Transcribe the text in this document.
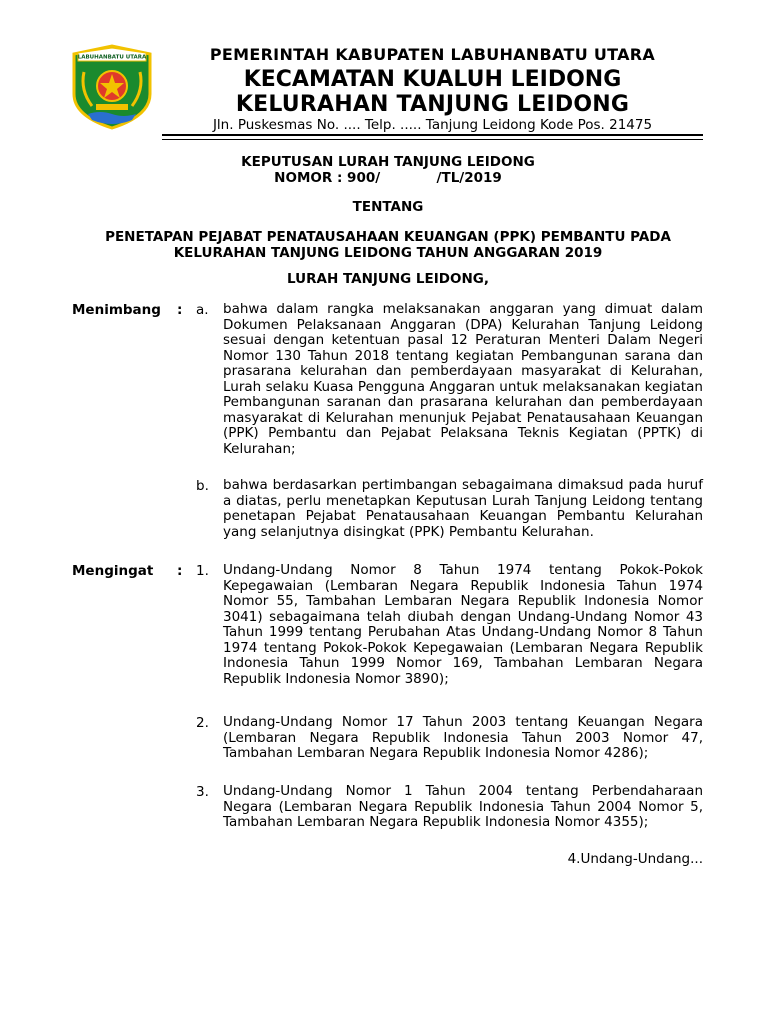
LABUHANBATU UTARA	PEMERINTAH KABUPATEN LABUHANBATU UTARA
KECAMATAN KUALUH LEIDONG
KELURAHAN TANJUNG LEIDONG
Jln. Puskesmas No. .... Telp. ..... Tanjung Leidong Kode Pos. 21475
KEPUTUSAN LURAH TANJUNG LEIDONG
NOMOR : 900/            /TL/2019
TENTANG
PENETAPAN PEJABAT PENATAUSAHAAN KEUANGAN (PPK) PEMBANTU PADA KELURAHAN TANJUNG LEIDONG TAHUN ANGGARAN 2019
LURAH TANJUNG LEIDONG,
Menimbang : a. bahwa dalam rangka melaksanakan anggaran yang dimuat dalam Dokumen Pelaksanaan Anggaran (DPA) Kelurahan Tanjung Leidong sesuai dengan ketentuan pasal 12 Peraturan Menteri Dalam Negeri Nomor 130 Tahun 2018 tentang kegiatan Pembangunan sarana dan prasarana kelurahan dan pemberdayaan masyarakat di Kelurahan, Lurah selaku Kuasa Pengguna Anggaran untuk melaksanakan kegiatan Pembangunan saranan dan prasarana kelurahan dan pemberdayaan masyarakat di Kelurahan menunjuk Pejabat Penatausahaan Keuangan (PPK) Pembantu dan Pejabat Pelaksana Teknis Kegiatan (PPTK) di Kelurahan;
b. bahwa berdasarkan pertimbangan sebagaimana dimaksud pada huruf a diatas, perlu menetapkan Keputusan Lurah Tanjung Leidong tentang penetapan Pejabat Penatausahaan Keuangan Pembantu Kelurahan yang selanjutnya disingkat (PPK) Pembantu Kelurahan.
Mengingat : 1. Undang-Undang Nomor 8 Tahun 1974 tentang Pokok-Pokok Kepegawaian (Lembaran Negara Republik Indonesia Tahun 1974 Nomor 55, Tambahan Lembaran Negara Republik Indonesia Nomor 3041) sebagaimana telah diubah dengan Undang-Undang Nomor 43 Tahun 1999 tentang Perubahan Atas Undang-Undang Nomor 8 Tahun 1974 tentang Pokok-Pokok Kepegawaian (Lembaran Negara Republik Indonesia Tahun 1999 Nomor 169, Tambahan Lembaran Negara Republik Indonesia Nomor 3890);
2. Undang-Undang Nomor 17 Tahun 2003 tentang Keuangan Negara (Lembaran Negara Republik Indonesia Tahun 2003 Nomor 47, Tambahan Lembaran Negara Republik Indonesia Nomor 4286);
3. Undang-Undang Nomor 1 Tahun 2004 tentang Perbendaharaan Negara (Lembaran Negara Republik Indonesia Tahun 2004 Nomor 5, Tambahan Lembaran Negara Republik Indonesia Nomor 4355);
4.Undang-Undang...
